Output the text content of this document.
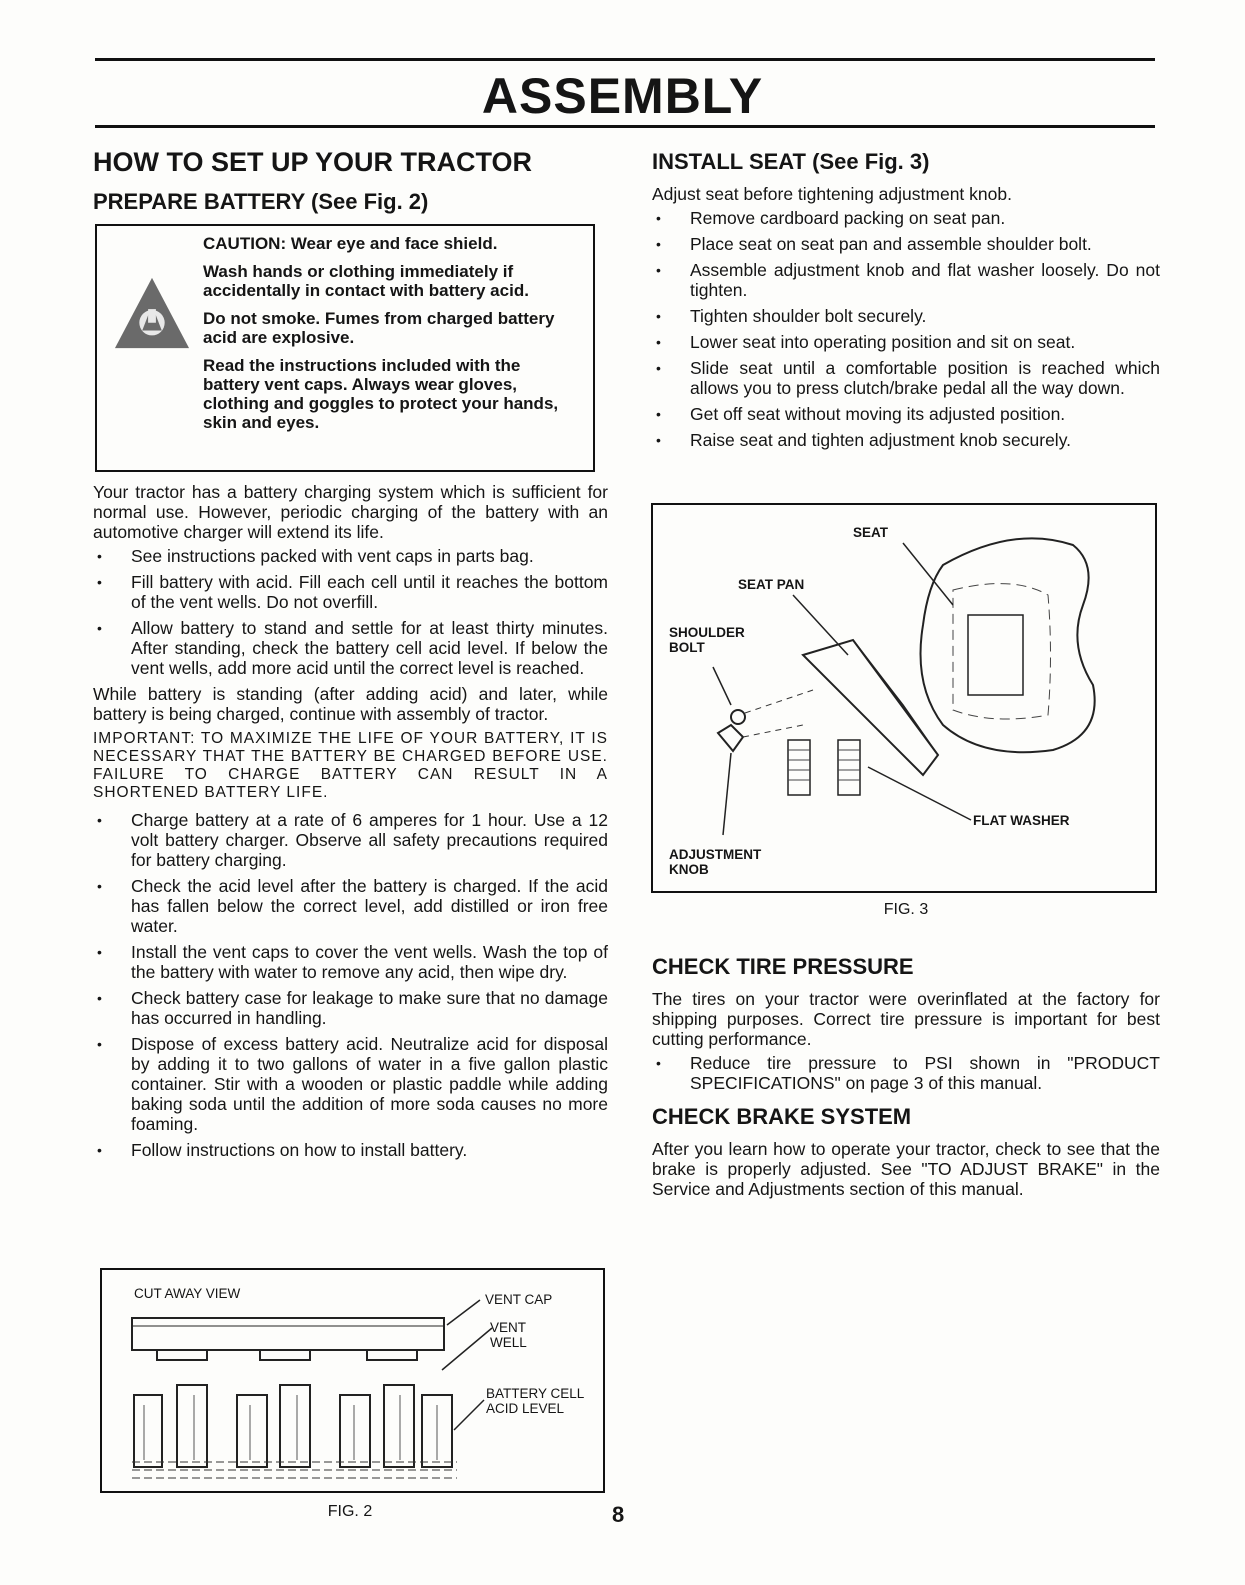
ASSEMBLY
HOW TO SET UP YOUR TRACTOR
PREPARE BATTERY (See Fig. 2)

CAUTION: Wear eye and face shield.

Wash hands or clothing immediately if accidentally in contact with battery acid.

Do not smoke. Fumes from charged battery acid are explosive.

Read the instructions included with the battery vent caps. Always wear gloves, clothing and goggles to protect your hands, skin and eyes.

Your tractor has a battery charging system which is sufficient for normal use. However, periodic charging of the battery with an automotive charger will extend its life.

• See instructions packed with vent caps in parts bag.
• Fill battery with acid. Fill each cell until it reaches the bottom of the vent wells. Do not overfill.
• Allow battery to stand and settle for at least thirty minutes. After standing, check the battery cell acid level. If below the vent wells, add more acid until the correct level is reached.

While battery is standing (after adding acid) and later, while battery is being charged, continue with assembly of tractor.

IMPORTANT: TO MAXIMIZE THE LIFE OF YOUR BATTERY, IT IS NECESSARY THAT THE BATTERY BE CHARGED BEFORE USE. FAILURE TO CHARGE BATTERY CAN RESULT IN A SHORTENED BATTERY LIFE.

• Charge battery at a rate of 6 amperes for 1 hour. Use a 12 volt battery charger. Observe all safety precautions required for battery charging.
• Check the acid level after the battery is charged. If the acid has fallen below the correct level, add distilled or iron free water.
• Install the vent caps to cover the vent wells. Wash the top of the battery with water to remove any acid, then wipe dry.
• Check battery case for leakage to make sure that no damage has occurred in handling.
• Dispose of excess battery acid. Neutralize acid for disposal by adding it to two gallons of water in a five gallon plastic container. Stir with a wooden or plastic paddle while adding baking soda until the addition of more soda causes no more foaming.
• Follow instructions on how to install battery.
CUT AWAY VIEW	VENT CAP
VENT WELL
BATTERY CELL ACID LEVEL
FIG. 2
INSTALL SEAT (See Fig. 3)

Adjust seat before tightening adjustment knob.

• Remove cardboard packing on seat pan.
• Place seat on seat pan and assemble shoulder bolt.
• Assemble adjustment knob and flat washer loosely. Do not tighten.
• Tighten shoulder bolt securely.
• Lower seat into operating position and sit on seat.
• Slide seat until a comfortable position is reached which allows you to press clutch/brake pedal all the way down.
• Get off seat without moving its adjusted position.
• Raise seat and tighten adjustment knob securely.
SEAT
SEAT PAN
SHOULDER BOLT
FLAT WASHER
ADJUSTMENT KNOB
FIG. 3
CHECK TIRE PRESSURE

The tires on your tractor were overinflated at the factory for shipping purposes. Correct tire pressure is important for best cutting performance.

• Reduce tire pressure to PSI shown in "PRODUCT SPECIFICATIONS" on page 3 of this manual.
CHECK BRAKE SYSTEM

After you learn how to operate your tractor, check to see that the brake is properly adjusted. See "TO ADJUST BRAKE" in the Service and Adjustments section of this manual.

8
